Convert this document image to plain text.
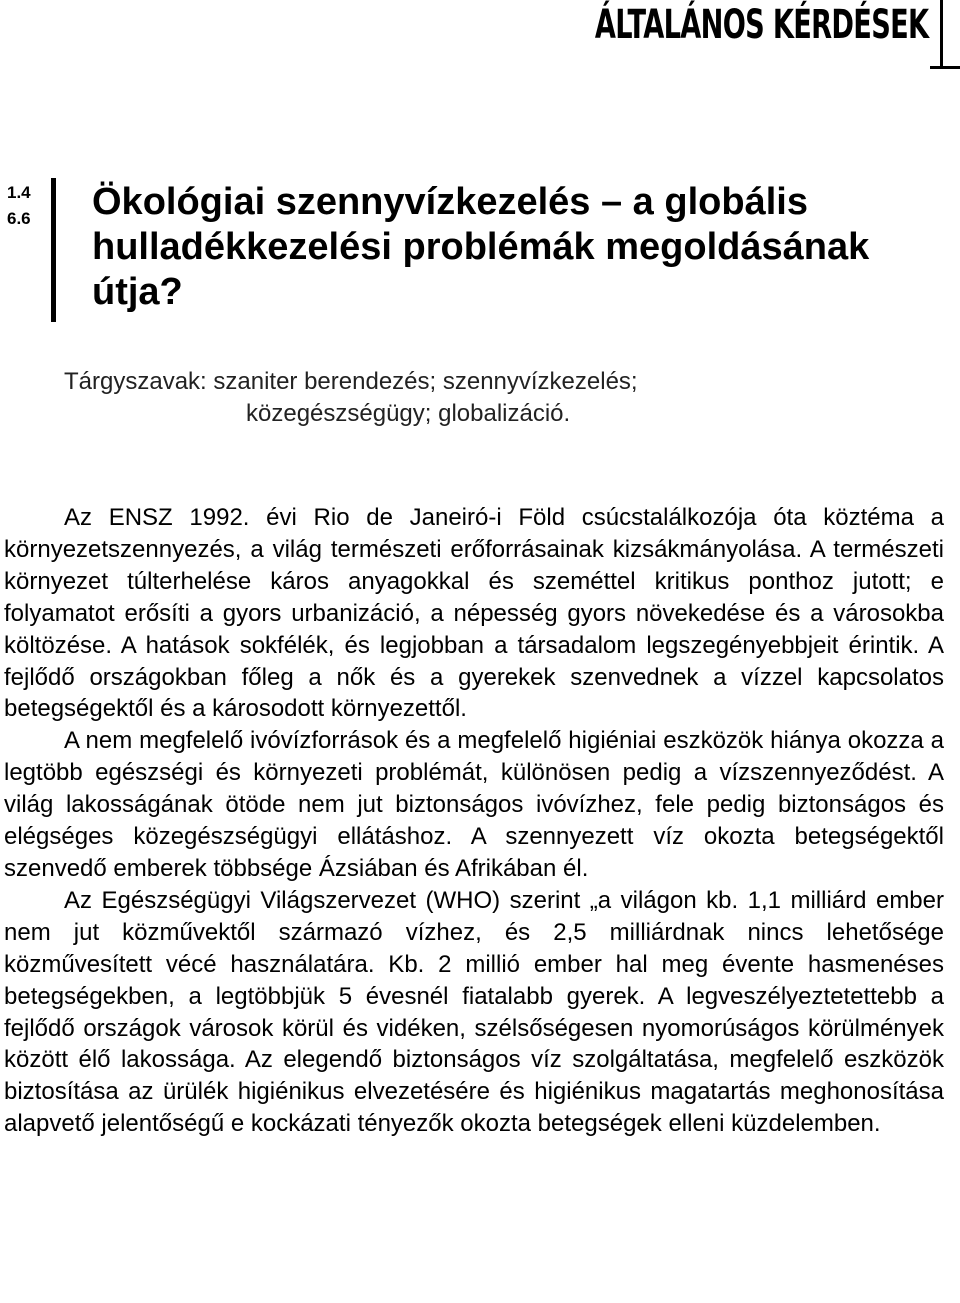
ÁLTALÁNOS KÉRDÉSEK
1.4
6.6 Ökológiai szennyvízkezelés – a globális hulladékkezelési problémák megoldásának útja?

Tárgyszavak: szaniter berendezés; szennyvízkezelés;
közegészségügy; globalizáció.

Az ENSZ 1992. évi Rio de Janeiró-i Föld csúcstalálkozója óta köztéma a környezetszennyezés, a világ természeti erőforrásainak kizsákmányolása. A természeti környezet túlterhelése káros anyagokkal és szeméttel kritikus ponthoz jutott; e folyamatot erősíti a gyors urbanizáció, a népesség gyors növekedése és a városokba költözése. A hatások sokfélék, és legjobban a társadalom legszegényebbjeit érintik. A fejlődő országokban főleg a nők és a gyerekek szenvednek a vízzel kapcsolatos betegségektől és a károsodott környezettől.

A nem megfelelő ivóvízforrások és a megfelelő higiéniai eszközök hiánya okozza a legtöbb egészségi és környezeti problémát, különösen pedig a vízszennyeződést. A világ lakosságának ötöde nem jut biztonságos ivóvízhez, fele pedig biztonságos és elégséges közegészségügyi ellátáshoz. A szennyezett víz okozta betegségektől szenvedő emberek többsége Ázsiában és Afrikában él.

Az Egészségügyi Világszervezet (WHO) szerint „a világon kb. 1,1 milliárd ember nem jut közművektől származó vízhez, és 2,5 milliárdnak nincs lehetősége közművesített vécé használatára. Kb. 2 millió ember hal meg évente hasmenéses betegségekben, a legtöbbjük 5 évesnél fiatalabb gyerek. A legveszélyeztetettebb a fejlődő országok városok körül és vidéken, szélsőségesen nyomorúságos körülmények között élő lakossága. Az elegendő biztonságos víz szolgáltatása, megfelelő eszközök biztosítása az ürülék higiénikus elvezetésére és higiénikus magatartás meghonosítása alapvető jelentőségű e kockázati tényezők okozta betegségek elleni küzdelemben.
